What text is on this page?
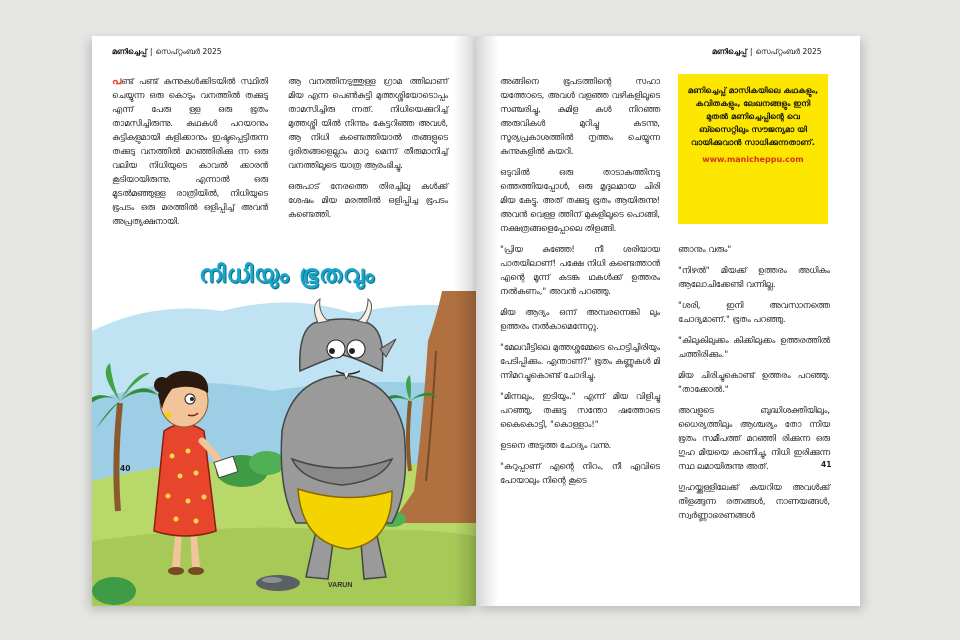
മണിച്ചെപ്പ് | സെപ്റ്റംബർ 2025

പണ്ട് പണ്ട് കുന്നുകൾക്കിടയിൽ സ്ഥിതി ചെയ്യുന്ന ഒരു കൊടും വനത്തിൽ തക്കുടു എന്ന് പേരു ള്ള ഒരു ഭൂതം താമസിച്ചിരുന്നു. കഥകൾ പറയാനും കുട്ടികളുമായി കളിക്കാനും ഇഷ്ടപ്പെട്ടിരുന്ന തക്കുടു വനത്തിൽ മറഞ്ഞിരിക്കു ന്ന ഒരു വലിയ നിധിയുടെ കാവൽ ക്കാരൻ കൂടിയായിരുന്നു. എന്നാൽ ഒരു മൂടൽമഞ്ഞുള്ള രാത്രിയിൽ, നിധിയുടെ ഭൂപടം ഒരു മരത്തിൽ ഒളിപ്പിച്ച് അവൻ അപ്രത്യക്ഷനായി.

ആ വനത്തിനടുത്തുള്ള ഗ്രാമ ത്തിലാണ് മിയ എന്ന പെൺകുട്ടി മുത്തശ്ശിയോടൊപ്പം താമസിച്ചിരു ന്നത്. നിധിയെക്കുറിച്ച് മുത്തശ്ശി യിൽ നിന്നും കേട്ടറിഞ്ഞ അവൾ, ആ നിധി കണ്ടെത്തിയാൽ തങ്ങളുടെ ദുരിതങ്ങളെല്ലാം മാറു മെന്ന് തീരുമാനിച്ച് വനത്തിലൂടെ യാത്ര ആരംഭിച്ചു.

ഒരുപാട് നേരത്തെ തിരച്ചിലു കൾക്ക് ശേഷം മിയ മരത്തിൽ ഒളിപ്പിച്ച ഭൂപടം കണ്ടെത്തി.

നിധിയും ഭൂതവും
VARUN
40
മണിച്ചെപ്പ് | സെപ്റ്റംബർ 2025

അങ്ങിനെ ഭൂപടത്തിന്റെ സഹാ യത്തോടെ, അവൾ വളഞ്ഞ വഴികളിലൂടെ സഞ്ചരിച്ചു, കുമിള കൾ നിറഞ്ഞ അരുവികൾ മുറിച്ചു കടന്നു, സൂര്യപ്രകാശത്തിൽ നൃത്തം ചെയ്യുന്ന കുന്നുകളിൽ കയറി.

ഒടുവിൽ ഒരു താടാകത്തിനടു ത്തെത്തിയപ്പോൾ, ഒരു മൃദുലമായ ചിരി മിയ കേട്ടു. അത് തക്കുടു ഭൂതം ആയിരുന്നു! അവൻ വെള്ള ത്തിന് മുകളിലൂടെ പൊങ്ങി, നക്ഷത്രങ്ങളെപ്പോലെ തിളങ്ങി.

"പ്രിയ കുഞ്ഞേ! നീ ശരിയായ പാതയിലാണ്! പക്ഷേ നിധി കണ്ടെത്താൻ എന്റെ മൂന്ന് കടങ്ക ഥകൾക്ക് ഉത്തരം നൽകണം," അവൻ പറഞ്ഞു.

മിയ ആദ്യം ഒന്ന് അമ്പരന്നെങ്കി ലും ഉത്തരം നൽകാമെന്നേറ്റു.

"മേലവീട്ടിലെ മുത്തശ്ശമ്മേടെ പൊട്ടിച്ചിരിയും പേടിപ്പിക്കും. എന്താണ്?" ഭൂതം കണ്ണുകൾ മി ന്നിമറച്ചുകൊണ്ട് ചോദിച്ചു.

"മിന്നലും, ഇടിയും." എന്ന് മിയ വിളിച്ചു പറഞ്ഞു, തക്കുടു സന്തോ ഷത്തോടെ കൈകൊട്ടി, "കൊള്ളാം!"

ഉടനെ അടുത്ത ചോദ്യം വന്നു.

"കറുപ്പാണ് എന്റെ നിറം, നീ എവിടെ പോയാലും നിന്റെ കൂടെ

മണിച്ചെപ്പ് മാസികയിലെ കഥകളും, കവിതകളും, ലേഖനങ്ങളും ഇനി മുതൽ മണിച്ചെപ്പിന്റെ വെ ബ്സൈറ്റിലും സൗജന്യമാ യി വായിക്കുവാൻ സാധിക്കുന്നതാണ്.
www.manicheppu.com

ഞാനും വരും"

"നിഴൽ" മിയക്ക് ഉത്തരം അധികം ആലോചിക്കേണ്ടി വന്നില്ല.

"ശരി, ഇനി അവസാനത്തെ ചോദ്യമാണ്." ഭൂതം പറഞ്ഞു.

"കിലുകിലുക്കം കിക്കിലുക്കം ഉത്തരത്തിൽ ചത്തിരിക്കും."

മിയ ചിരിച്ചുകൊണ്ട് ഉത്തരം പറഞ്ഞു. "താക്കോൽ."

അവളുടെ ബുദ്ധിശക്തിയിലും, ധൈര്യത്തിലും ആശ്ചര്യം തോ ന്നിയ ഭൂതം സമീപത്ത് മറഞ്ഞി രിക്കുന്ന ഒരു ഗുഹ മിയയെ കാണിച്ചു, നിധി ഇരിക്കുന്ന സ്ഥ ലമായിരുന്നു അത്.

ഗുഹയ്ക്കുള്ളിലേക്ക് കയറിയ അവൾക്ക് തിളങ്ങുന്ന രത്നങ്ങൾ, നാണയങ്ങൾ, സ്വർണ്ണാഭരണങ്ങൾ

41
